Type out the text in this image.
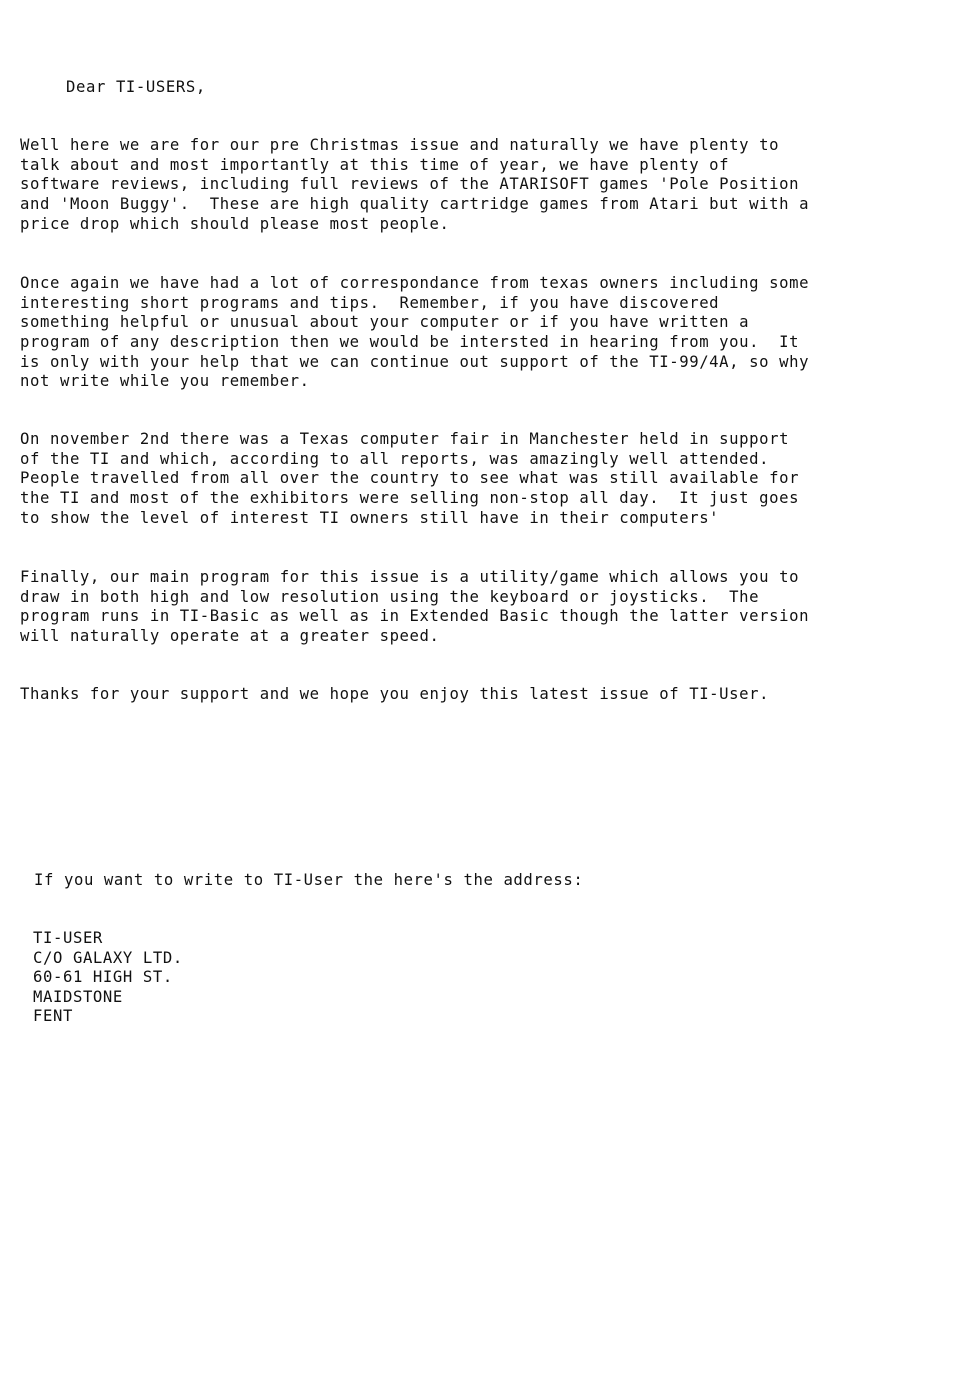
Dear TI-USERS,
Well here we are for our pre Christmas issue and naturally we have plenty to
talk about and most importantly at this time of year, we have plenty of
software reviews, including full reviews of the ATARISOFT games 'Pole Position
and 'Moon Buggy'.  These are high quality cartridge games from Atari but with a
price drop which should please most people.
Once again we have had a lot of correspondance from texas owners including some
interesting short programs and tips.  Remember, if you have discovered
something helpful or unusual about your computer or if you have written a
program of any description then we would be intersted in hearing from you.  It
is only with your help that we can continue out support of the TI-99/4A, so why
not write while you remember.
On november 2nd there was a Texas computer fair in Manchester held in support
of the TI and which, according to all reports, was amazingly well attended.
People travelled from all over the country to see what was still available for
the TI and most of the exhibitors were selling non-stop all day.  It just goes
to show the level of interest TI owners still have in their computers'
Finally, our main program for this issue is a utility/game which allows you to
draw in both high and low resolution using the keyboard or joysticks.  The
program runs in TI-Basic as well as in Extended Basic though the latter version
will naturally operate at a greater speed.
Thanks for your support and we hope you enjoy this latest issue of TI-User.
If you want to write to TI-User the here's the address:
TI-USER
C/O GALAXY LTD.
60-61 HIGH ST.
MAIDSTONE
FENT
